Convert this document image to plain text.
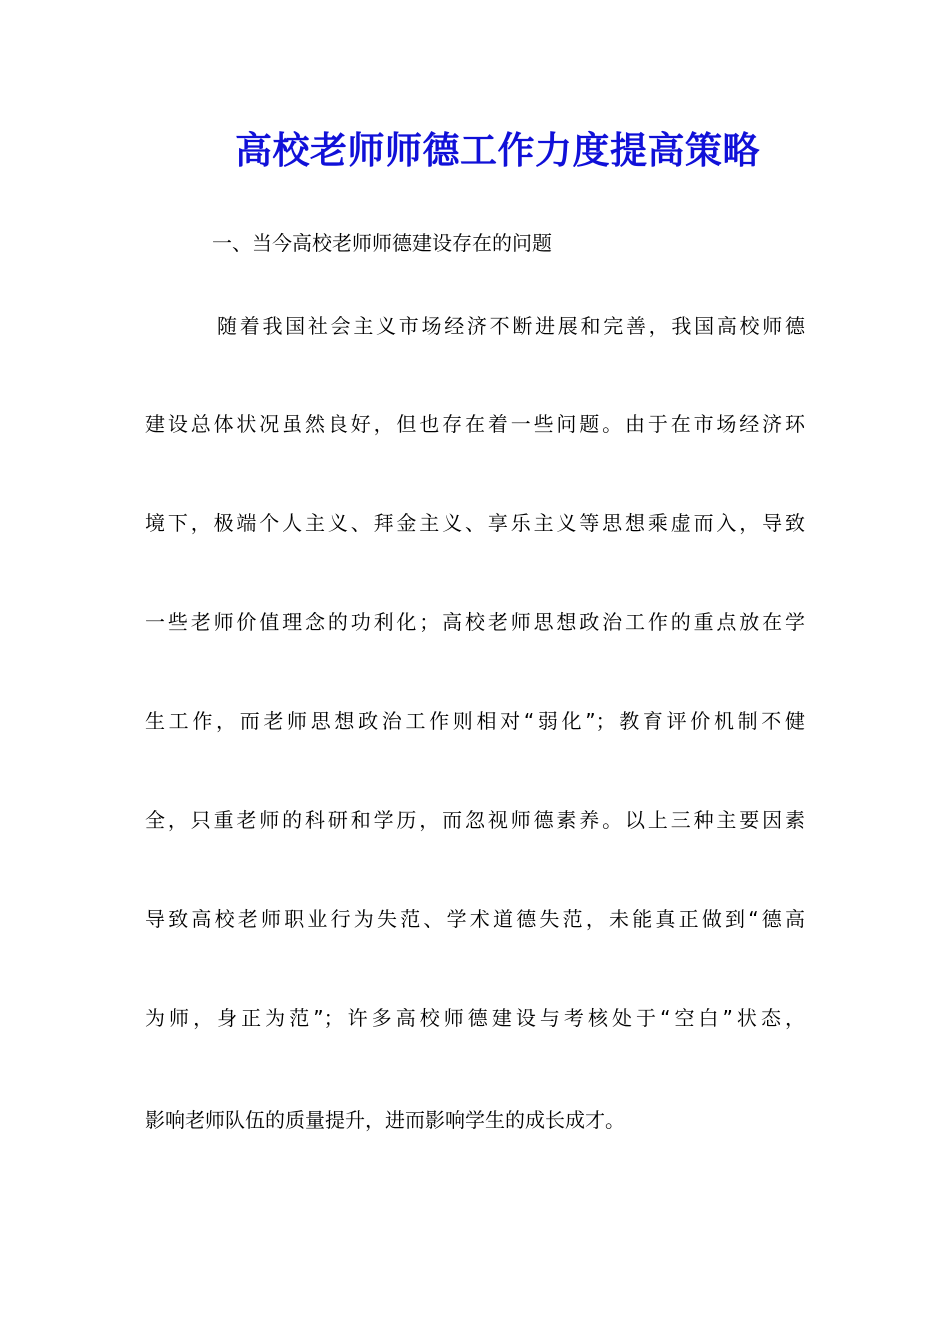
高校老师师德工作力度提高策略
一、当今高校老师师德建设存在的问题
随着我国社会主义市场经济不断进展和完善，我国高校师德
建设总体状况虽然良好，但也存在着一些问题。由于在市场经济环
境下，极端个人主义、拜金主义、享乐主义等思想乘虚而入，导致
一些老师价值理念的功利化；高校老师思想政治工作的重点放在学
生工作，而老师思想政治工作则相对“弱化”；教育评价机制不健
全，只重老师的科研和学历，而忽视师德素养。以上三种主要因素
导致高校老师职业行为失范、学术道德失范，未能真正做到“德高
为师，身正为范”；许多高校师德建设与考核处于“空白”状态，
影响老师队伍的质量提升，进而影响学生的成长成才。
